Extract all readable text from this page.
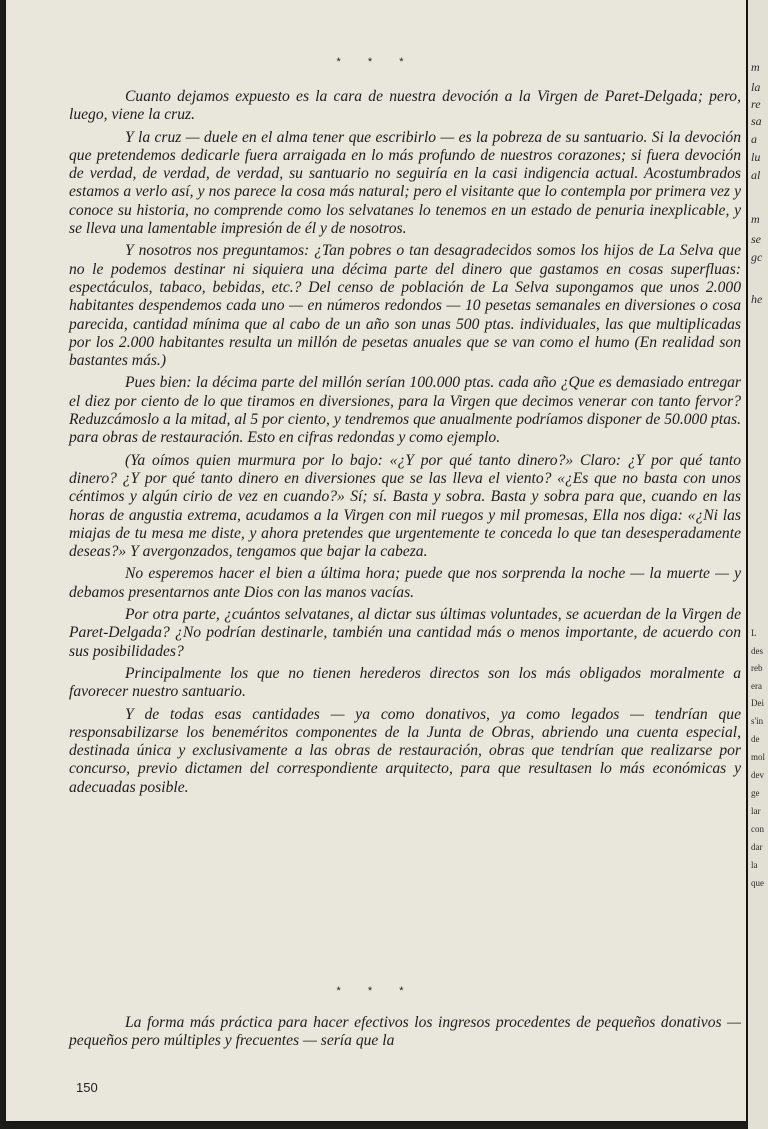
* * *

Cuanto dejamos expuesto es la cara de nuestra devoción a la Virgen de Paret-Delgada; pero, luego, viene la cruz.

Y la cruz — duele en el alma tener que escribirlo — es la pobreza de su santuario. Si la devoción que pretendemos dedicarle fuera arraigada en lo más profundo de nuestros corazones; si fuera devoción de verdad, de verdad, de verdad, su santuario no seguiría en la casi indigencia actual. Acostumbrados estamos a verlo así, y nos parece la cosa más natural; pero el visitante que lo contempla por primera vez y conoce su historia, no comprende como los selvatanes lo tenemos en un estado de penuria inexplicable, y se lleva una lamentable impresión de él y de nosotros.

Y nosotros nos preguntamos: ¿Tan pobres o tan desagradecidos somos los hijos de La Selva que no le podemos destinar ni siquiera una décima parte del dinero que gastamos en cosas superfluas: espectáculos, tabaco, bebidas, etc.? Del censo de población de La Selva supongamos que unos 2.000 habitantes despendemos cada uno — en números redondos — 10 pesetas semanales en diversiones o cosa parecida, cantidad mínima que al cabo de un año son unas 500 ptas. individuales, las que multiplicadas por los 2.000 habitantes resulta un millón de pesetas anuales que se van como el humo (En realidad son bastantes más.)

Pues bien: la décima parte del millón serían 100.000 ptas. cada año ¿Que es demasiado entregar el diez por ciento de lo que tiramos en diversiones, para la Virgen que decimos venerar con tanto fervor? Reduzcámoslo a la mitad, al 5 por ciento, y tendremos que anualmente podríamos disponer de 50.000 ptas. para obras de restauración. Esto en cifras redondas y como ejemplo.

(Ya oímos quien murmura por lo bajo: «¿Y por qué tanto dinero?» Claro: ¿Y por qué tanto dinero? ¿Y por qué tanto dinero en diversiones que se las lleva el viento? «¿Es que no basta con unos céntimos y algún cirio de vez en cuando?» Sí; sí. Basta y sobra. Basta y sobra para que, cuando en las horas de angustia extrema, acudamos a la Virgen con mil ruegos y mil promesas, Ella nos diga: «¿Ni las miajas de tu mesa me diste, y ahora pretendes que urgentemente te conceda lo que tan desesperadamente deseas?» Y avergonzados, tengamos que bajar la cabeza.

No esperemos hacer el bien a última hora; puede que nos sorprenda la noche — la muerte — y debamos presentarnos ante Dios con las manos vacías.

Por otra parte, ¿cuántos selvatanes, al dictar sus últimas voluntades, se acuerdan de la Virgen de Paret-Delgada? ¿No podrían destinarle, también una cantidad más o menos importante, de acuerdo con sus posibilidades?

Principalmente los que no tienen herederos directos son los más obligados moralmente a favorecer nuestro santuario.

Y de todas esas cantidades — ya como donativos, ya como legados — tendrían que responsabilizarse los beneméritos componentes de la Junta de Obras, abriendo una cuenta especial, destinada única y exclusivamente a las obras de restauración, obras que tendrían que realizarse por concurso, previo dictamen del correspondiente arquitecto, para que resultasen lo más económicas y adecuadas posible.

* * *

La forma más práctica para hacer efectivos los ingresos procedentes de pequeños donativos — pequeños pero múltiples y frecuentes — sería que la

150
m
la
re
sa
a
lu
al
m
se
gc
he
L
des
reb
era
Dei
s'in
de
mol
dev
ge
lar
con
dar
la
que
